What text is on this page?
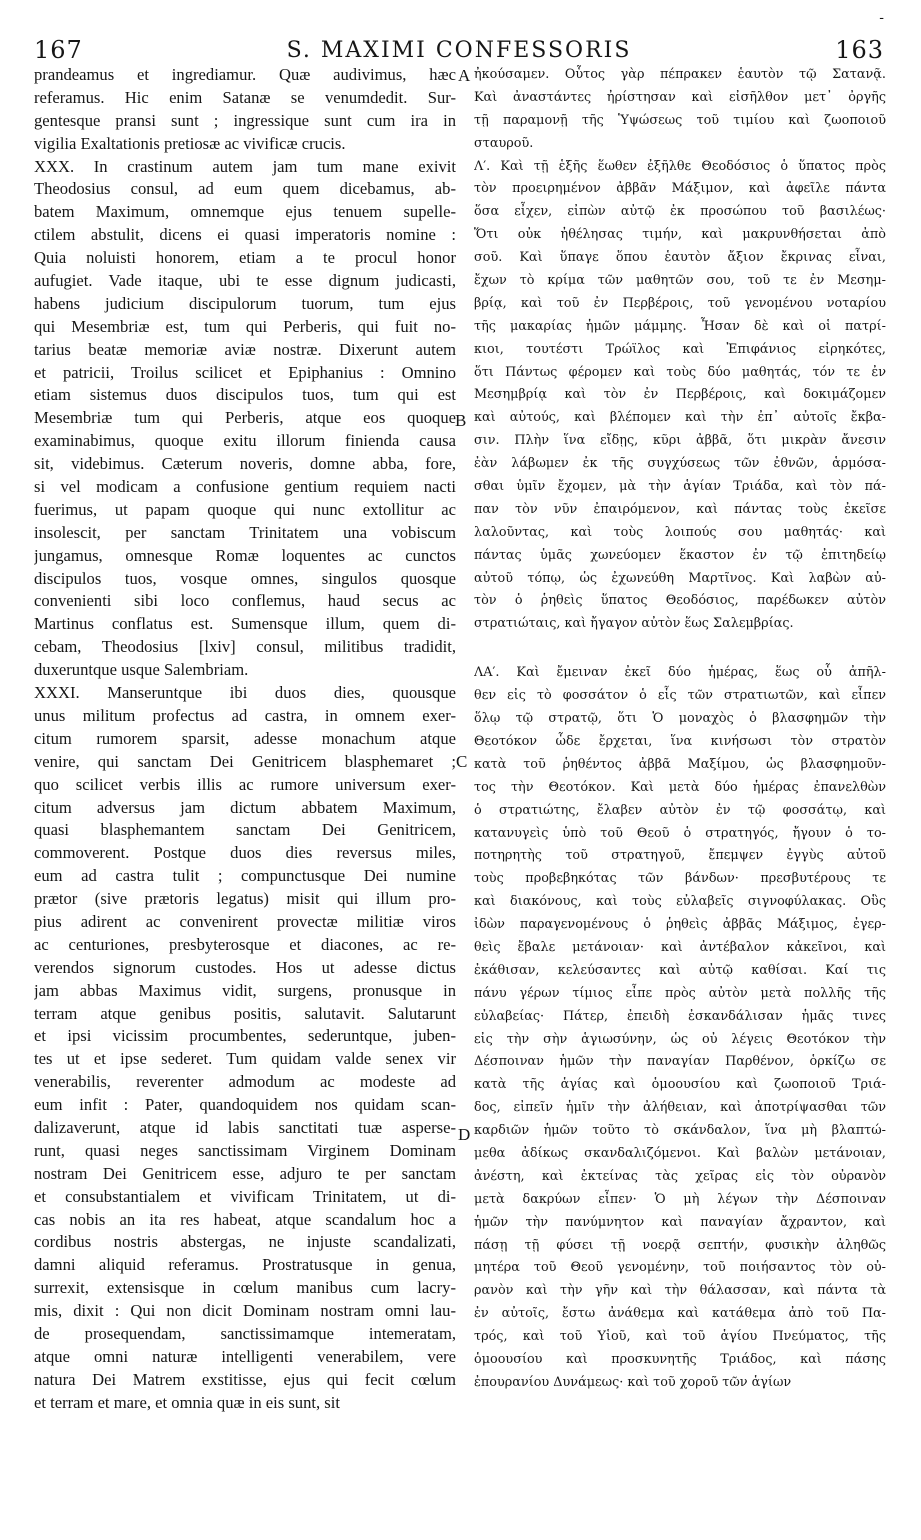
167	S. MAXIMI CONFESSORIS	163
-
A
B
C
D
prandeamus et ingrediamur. Quæ audivimus, hæc
referamus. Hic enim Satanæ se venumdedit. Sur-
gentesque pransi sunt ; ingressique sunt cum ira in
vigilia Exaltationis pretiosæ ac vivificæ crucis.
XXX. In crastinum autem jam tum mane exivit
Theodosius consul, ad eum quem dicebamus, ab-
batem Maximum, omnemque ejus tenuem supelle-
ctilem abstulit, dicens ei quasi imperatoris nomine :
Quia noluisti honorem, etiam a te procul honor
aufugiet. Vade itaque, ubi te esse dignum judicasti,
habens judicium discipulorum tuorum, tum ejus
qui Mesembriæ est, tum qui Perberis, qui fuit no-
tarius beatæ memoriæ aviæ nostræ. Dixerunt autem
et patricii, Troilus scilicet et Epiphanius : Omnino
etiam sistemus duos discipulos tuos, tum qui est
Mesembriæ tum qui Perberis, atque eos quoque
examinabimus, quoque exitu illorum finienda causa
sit, videbimus. Cæterum noveris, domne abba, fore,
si vel modicam a confusione gentium requiem nacti
fuerimus, ut papam quoque qui nunc extollitur ac
insolescit, per sanctam Trinitatem una vobiscum
jungamus, omnesque Romæ loquentes ac cunctos
discipulos tuos, vosque omnes, singulos quosque
convenienti sibi loco conflemus, haud secus ac
Martinus conflatus est. Sumensque illum, quem di-
cebam, Theodosius [lxiv] consul, militibus tradidit,
duxeruntque usque Salembriam.
XXXI. Manseruntque ibi duos dies, quousque
unus militum profectus ad castra, in omnem exer-
citum rumorem sparsit, adesse monachum atque
venire, qui sanctam Dei Genitricem blasphemaret ;
quo scilicet verbis illis ac rumore universum exer-
citum adversus jam dictum abbatem Maximum,
quasi blasphemantem sanctam Dei Genitricem,
commoverent. Postque duos dies reversus miles,
eum ad castra tulit ; compunctusque Dei numine
prætor (sive prætoris legatus) misit qui illum pro-
pius adirent ac convenirent provectæ militiæ viros
ac centuriones, presbyterosque et diacones, ac re-
verendos signorum custodes. Hos ut adesse dictus
jam abbas Maximus vidit, surgens, pronusque in
terram atque genibus positis, salutavit. Salutarunt
et ipsi vicissim procumbentes, sederuntque, juben-
tes ut et ipse sederet. Tum quidam valde senex vir
venerabilis, reverenter admodum ac modeste ad
eum infit : Pater, quandoquidem nos quidam scan-
dalizaverunt, atque id labis sanctitati tuæ asperse-
runt, quasi neges sanctissimam Virginem Dominam
nostram Dei Genitricem esse, adjuro te per sanctam
et consubstantialem et vivificam Trinitatem, ut di-
cas nobis an ita res habeat, atque scandalum hoc a
cordibus nostris abstergas, ne injuste scandalizati,
damni aliquid referamus. Prostratusque in genua,
surrexit, extensisque in cœlum manibus cum lacry-
mis, dixit : Qui non dicit Dominam nostram omni lau-
de prosequendam, sanctissimamque intemeratam,
atque omni naturæ intelligenti venerabilem, vere
natura Dei Matrem exstitisse, ejus qui fecit cœlum
et terram et mare, et omnia quæ in eis sunt, sit
ἠκούσαμεν. Οὗτος γὰρ πέπρακεν ἑαυτὸν τῷ Σατανᾷ.
Καὶ ἀναστάντες ἠρίστησαν καὶ εἰσῆλθον μετ᾽ ὀργῆς
τῇ παραμονῇ τῆς Ὑψώσεως τοῦ τιμίου καὶ ζωοποιοῦ
σταυροῦ.
Λ′. Καὶ τῇ ἑξῆς ἕωθεν ἐξῆλθε Θεοδόσιος ὁ ὕπατος πρὸς
τὸν προειρημένον ἀββᾶν Μάξιμον, καὶ ἀφεῖλε πάντα
ὅσα εἶχεν, εἰπὼν αὐτῷ ἐκ προσώπου τοῦ βασιλέως·
Ὅτι οὐκ ἠθέλησας τιμήν, καὶ μακρυνθήσεται ἀπὸ
σοῦ. Καὶ ὕπαγε ὅπου ἑαυτὸν ἄξιον ἔκρινας εἶναι,
ἔχων τὸ κρίμα τῶν μαθητῶν σου, τοῦ τε ἐν Μεσημ-
βρίᾳ, καὶ τοῦ ἐν Περβέροις, τοῦ γενομένου νοταρίου
τῆς μακαρίας ἡμῶν μάμμης. Ἦσαν δὲ καὶ οἱ πατρί-
κιοι, τουτέστι Τρώϊλος καὶ Ἐπιφάνιος εἰρηκότες,
ὅτι Πάντως φέρομεν καὶ τοὺς δύο μαθητάς, τόν τε ἐν
Μεσημβρίᾳ καὶ τὸν ἐν Περβέροις, καὶ δοκιμάζομεν
καὶ αὐτούς, καὶ βλέπομεν καὶ τὴν ἐπ᾽ αὐτοῖς ἔκβα-
σιν. Πλὴν ἵνα εἴδῃς, κῦρι ἀββᾶ, ὅτι μικρὰν ἄνεσιν
ἐὰν λάβωμεν ἐκ τῆς συγχύσεως τῶν ἐθνῶν, ἁρμόσα-
σθαι ὑμῖν ἔχομεν, μὰ τὴν ἁγίαν Τριάδα, καὶ τὸν πά-
παν τὸν νῦν ἐπαιρόμενον, καὶ πάντας τοὺς ἐκεῖσε
λαλοῦντας, καὶ τοὺς λοιπούς σου μαθητάς· καὶ
πάντας ὑμᾶς χωνεύομεν ἕκαστον ἐν τῷ ἐπιτηδείῳ
αὐτοῦ τόπῳ, ὡς ἐχωνεύθη Μαρτῖνος. Καὶ λαβὼν αὐ-
τὸν ὁ ῥηθεὶς ὕπατος Θεοδόσιος, παρέδωκεν αὐτὸν
στρατιώταις, καὶ ἤγαγον αὐτὸν ἕως Σαλεμβρίας.
ΛΑ′. Καὶ ἔμειναν ἐκεῖ δύο ἡμέρας, ἕως οὗ ἀπῆλ-
θεν εἰς τὸ φοσσάτον ὁ εἷς τῶν στρατιωτῶν, καὶ εἶπεν
ὅλῳ τῷ στρατῷ, ὅτι Ὁ μοναχὸς ὁ βλασφημῶν τὴν
Θεοτόκον ὧδε ἔρχεται, ἵνα κινήσωσι τὸν στρατὸν
κατὰ τοῦ ῥηθέντος ἀββᾶ Μαξίμου, ὡς βλασφημοῦν-
τος τὴν Θεοτόκον. Καὶ μετὰ δύο ἡμέρας ἐπανελθὼν
ὁ στρατιώτης, ἔλαβεν αὐτὸν ἐν τῷ φοσσάτῳ, καὶ
κατανυγεὶς ὑπὸ τοῦ Θεοῦ ὁ στρατηγός, ἤγουν ὁ το-
ποτηρητὴς τοῦ στρατηγοῦ, ἔπεμψεν ἐγγὺς αὐτοῦ
τοὺς προβεβηκότας τῶν βάνδων· πρεσβυτέρους τε
καὶ διακόνους, καὶ τοὺς εὐλαβεῖς σιγνοφύλακας. Οὓς
ἰδὼν παραγενομένους ὁ ῥηθεὶς ἀββᾶς Μάξιμος, ἐγερ-
θεὶς ἔβαλε μετάνοιαν· καὶ ἀντέβαλον κἀκεῖνοι, καὶ
ἐκάθισαν, κελεύσαντες καὶ αὐτῷ καθίσαι. Καί τις
πάνυ γέρων τίμιος εἶπε πρὸς αὐτὸν μετὰ πολλῆς τῆς
εὐλαβείας· Πάτερ, ἐπειδὴ ἐσκανδάλισαν ἡμᾶς τινες
εἰς τὴν σὴν ἁγιωσύνην, ὡς οὐ λέγεις Θεοτόκον τὴν
Δέσποιναν ἡμῶν τὴν παναγίαν Παρθένον, ὁρκίζω σε
κατὰ τῆς ἁγίας καὶ ὁμοουσίου καὶ ζωοποιοῦ Τριά-
δος, εἰπεῖν ἡμῖν τὴν ἀλήθειαν, καὶ ἀποτρίψασθαι τῶν
καρδιῶν ἡμῶν τοῦτο τὸ σκάνδαλον, ἵνα μὴ βλαπτώ-
μεθα ἀδίκως σκανδαλιζόμενοι. Καὶ βαλὼν μετάνοιαν,
ἀνέστη, καὶ ἐκτείνας τὰς χεῖρας εἰς τὸν οὐρανὸν
μετὰ δακρύων εἶπεν· Ὁ μὴ λέγων τὴν Δέσποιναν
ἡμῶν τὴν πανύμνητον καὶ παναγίαν ἄχραντον, καὶ
πάσῃ τῇ φύσει τῇ νοερᾷ σεπτήν, φυσικὴν ἀληθῶς
μητέρα τοῦ Θεοῦ γενομένην, τοῦ ποιήσαντος τὸν οὐ-
ρανὸν καὶ τὴν γῆν καὶ τὴν θάλασσαν, καὶ πάντα τὰ
ἐν αὐτοῖς, ἔστω ἀνάθεμα καὶ κατάθεμα ἀπὸ τοῦ Πα-
τρός, καὶ τοῦ Υἱοῦ, καὶ τοῦ ἁγίου Πνεύματος, τῆς
ὁμοουσίου καὶ προσκυνητῆς Τριάδος, καὶ πάσης
ἐπουρανίου Δυνάμεως· καὶ τοῦ χοροῦ τῶν ἁγίων
